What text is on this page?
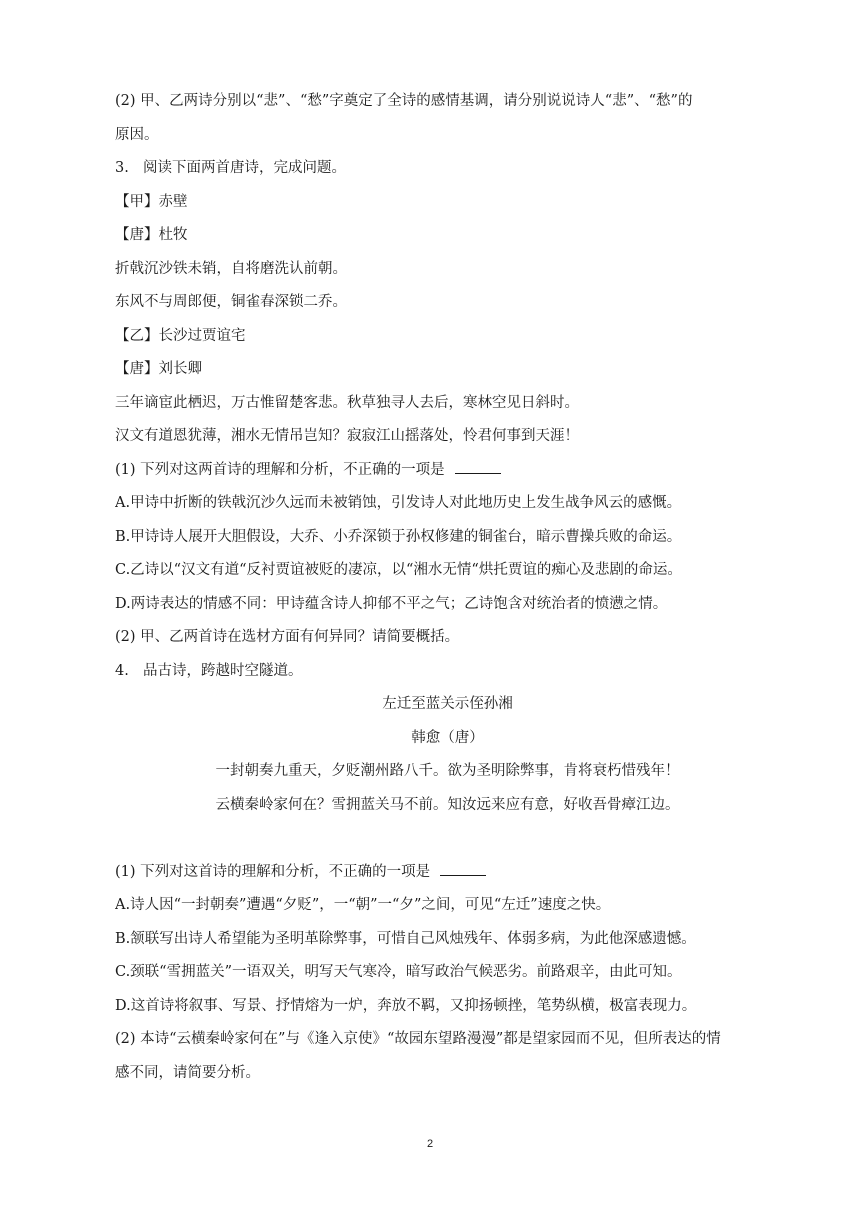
(2) 甲、乙两诗分别以“悲”、“愁”字奠定了全诗的感情基调，请分别说说诗人“悲”、“愁”的
原因。
3. 阅读下面两首唐诗，完成问题。
【甲】赤壁
【唐】杜牧
折戟沉沙铁未销，自将磨洗认前朝。
东风不与周郎便，铜雀春深锁二乔。
【乙】长沙过贾谊宅
【唐】刘长卿
三年谪宦此栖迟，万古惟留楚客悲。秋草独寻人去后，寒林空见日斜时。
汉文有道恩犹薄，湘水无情吊岂知？寂寂江山摇落处，怜君何事到天涯！
(1) 下列对这两首诗的理解和分析，不正确的一项是
A.甲诗中折断的铁戟沉沙久远而未被销蚀，引发诗人对此地历史上发生战争风云的感慨。
B.甲诗诗人展开大胆假设，大乔、小乔深锁于孙权修建的铜雀台，暗示曹操兵败的命运。
C.乙诗以“汉文有道“反衬贾谊被贬的凄凉，以“湘水无情“烘托贾谊的痴心及悲剧的命运。
D.两诗表达的情感不同：甲诗蕴含诗人抑郁不平之气；乙诗饱含对统治者的愤懑之情。
(2) 甲、乙两首诗在选材方面有何异同？请简要概括。
4. 品古诗，跨越时空隧道。
左迁至蓝关示侄孙湘
韩愈（唐）
一封朝奏九重天，夕贬潮州路八千。欲为圣明除弊事，肯将衰朽惜残年！
云横秦岭家何在？雪拥蓝关马不前。知汝远来应有意，好收吾骨瘴江边。
(1) 下列对这首诗的理解和分析，不正确的一项是
A.诗人因“一封朝奏”遭遇“夕贬”，一“朝”一“夕”之间，可见“左迁”速度之快。
B.颔联写出诗人希望能为圣明革除弊事，可惜自己风烛残年、体弱多病，为此他深感遗憾。
C.颈联“雪拥蓝关”一语双关，明写天气寒冷，暗写政治气候恶劣。前路艰辛，由此可知。
D.这首诗将叙事、写景、抒情熔为一炉，奔放不羁，又抑扬顿挫，笔势纵横，极富表现力。
(2) 本诗“云横秦岭家何在”与《逢入京使》“故园东望路漫漫”都是望家园而不见，但所表达的情
感不同，请简要分析。
2
